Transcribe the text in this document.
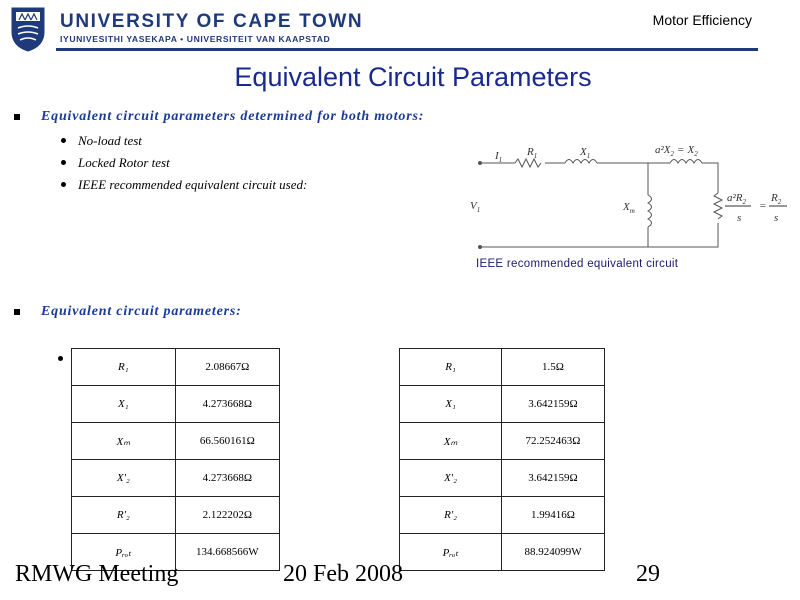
UNIVERSITY OF CAPE TOWN
IYUNIVESITHI YASEKAPA • UNIVERSITEIT VAN KAAPSTAD
Motor Efficiency
Equivalent Circuit Parameters
Equivalent circuit parameters determined for both motors:
No-load test
Locked Rotor test
IEEE recommended equivalent circuit used:
$I_1$
$V_1$
$R_1$	$X_1$
$X_m$
$a^2X_2 = X_2$
$a^2R_2$
s
=
$R_2$
s
IEEE recommended equivalent circuit
Equivalent circuit parameters:
R₁	2.08667Ω
X₁	4.273668Ω
Xₘ	66.560161Ω
X'₂	4.273668Ω
R'₂	2.122202Ω
Pᵣₒₜ	134.668566W
R₁	1.5Ω
X₁	3.642159Ω
Xₘ	72.252463Ω
X'₂	3.642159Ω
R'₂	1.99416Ω
Pᵣₒₜ	88.924099W
RMWG Meeting	20 Feb 2008	29
